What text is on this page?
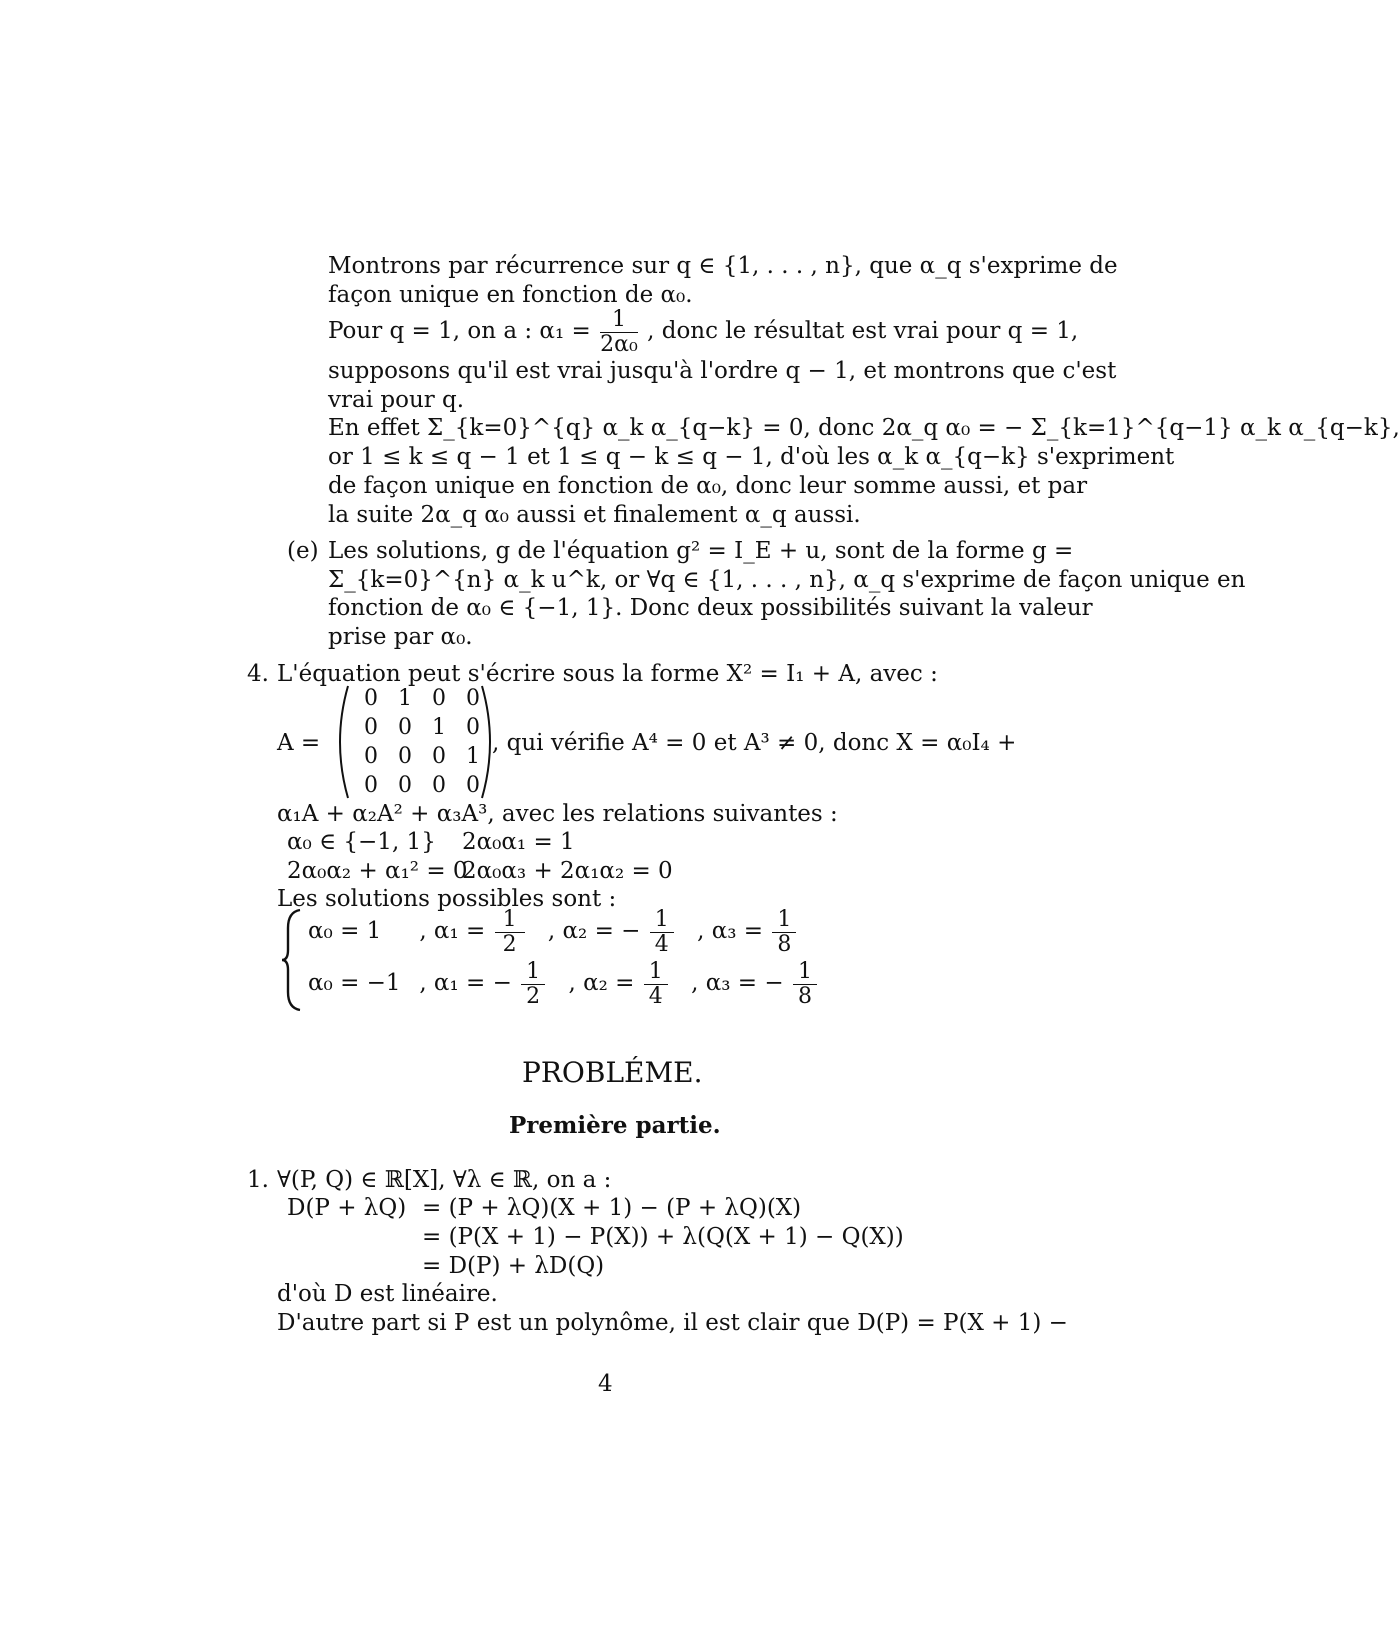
Montrons par récurrence sur q ∈ {1, . . . , n}, que α_q s'exprime de
façon unique en fonction de α₀.
Pour q = 1, on a : $\alpha_1 = \frac{1}{\text{2α₀}}$ , donc le résultat est vrai pour q = 1,
supposons qu'il est vrai jusqu'à l'ordre q − 1, et montrons que c'est
vrai pour q.
En effet Σ_{k=0}^{q} α_k α_{q−k} = 0, donc 2α_q α₀ = − Σ_{k=1}^{q−1} α_k α_{q−k},
or 1 ≤ k ≤ q − 1 et 1 ≤ q − k ≤ q − 1, d'où les α_k α_{q−k} s'expriment
de façon unique en fonction de α₀, donc leur somme aussi, et par
la suite 2α_q α₀ aussi et finalement α_q aussi.
(e) Les solutions, g de l'équation g² = I_E + u, sont de la forme g =
Σ_{k=0}^{n} α_k u^k, or ∀q ∈ {1, . . . , n}, α_q s'exprime de façon unique en
fonction de α₀ ∈ {−1, 1}. Donc deux possibilités suivant la valeur
prise par α₀.
4. L'équation peut s'écrire sous la forme X² = I₁ + A, avec :
A =
0	1	0	0
0	0	1	0
0	0	0	1
0	0	0	0
, qui vérifie A⁴ = 0 et A³ ≠ 0, donc X = α₀I₄ +
α₁A + α₂A² + α₃A³, avec les relations suivantes :
α₀ ∈ {−1, 1} 2α₀α₁ = 1
2α₀α₂ + α₁² = 0
2α₀α₃ + 2α₁α₂ = 0
Les solutions possibles sont :
α₀ = 1 , $\alpha_1 = \frac{1}{2}$ , α₂ = − $\frac{1}{4}$ , $\alpha_3 = \frac{1}{8}$
α₀ = −1 , α₁ = − $\frac{1}{2}$ , $\alpha_2 = \frac{1}{4}$ , α₃ = − $\frac{1}{8}$
PROBLÉME.
Première partie.
1. ∀(P, Q) ∈ ℝ[X], ∀λ ∈ ℝ, on a :
D(P + λQ) = (P + λQ)(X + 1) − (P + λQ)(X)
= (P(X + 1) − P(X)) + λ(Q(X + 1) − Q(X))
= D(P) + λD(Q)
d'où D est linéaire.
D'autre part si P est un polynôme, il est clair que D(P) = P(X + 1) −
4
